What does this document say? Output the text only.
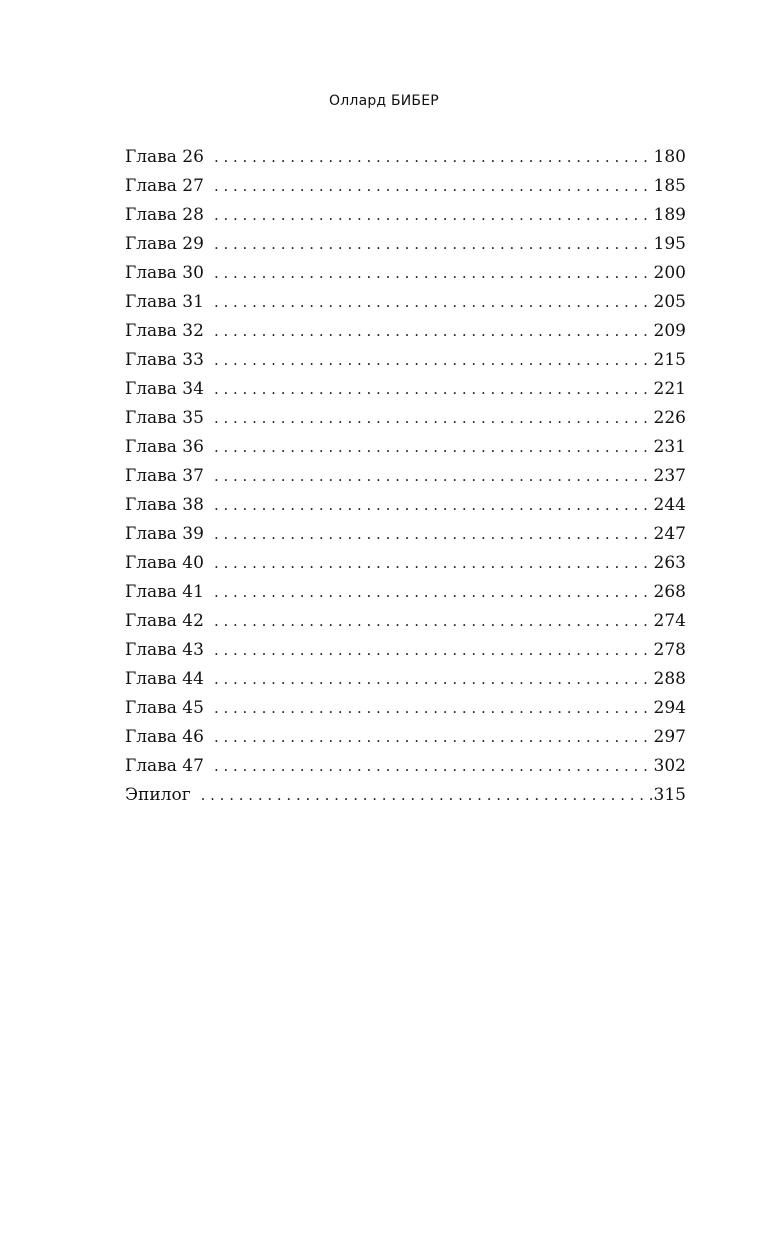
Оллард БИБЕР
Глава 26 . . .	180
Глава 27 . . .	185
Глава 28 . . .	189
Глава 29 . . .	195
Глава 30 . . .	200
Глава 31 . . .	205
Глава 32 . . .	209
Глава 33 . . .	215
Глава 34 . . .	221
Глава 35 . . .	226
Глава 36 . . .	231
Глава 37 . . .	237
Глава 38 . . .	244
Глава 39 . . .	247
Глава 40 . . .	263
Глава 41 . . .	268
Глава 42 . . .	274
Глава 43 . . .	278
Глава 44 . . .	288
Глава 45 . . .	294
Глава 46 . . .	297
Глава 47 . . .	302
Эпилог . . .	315
